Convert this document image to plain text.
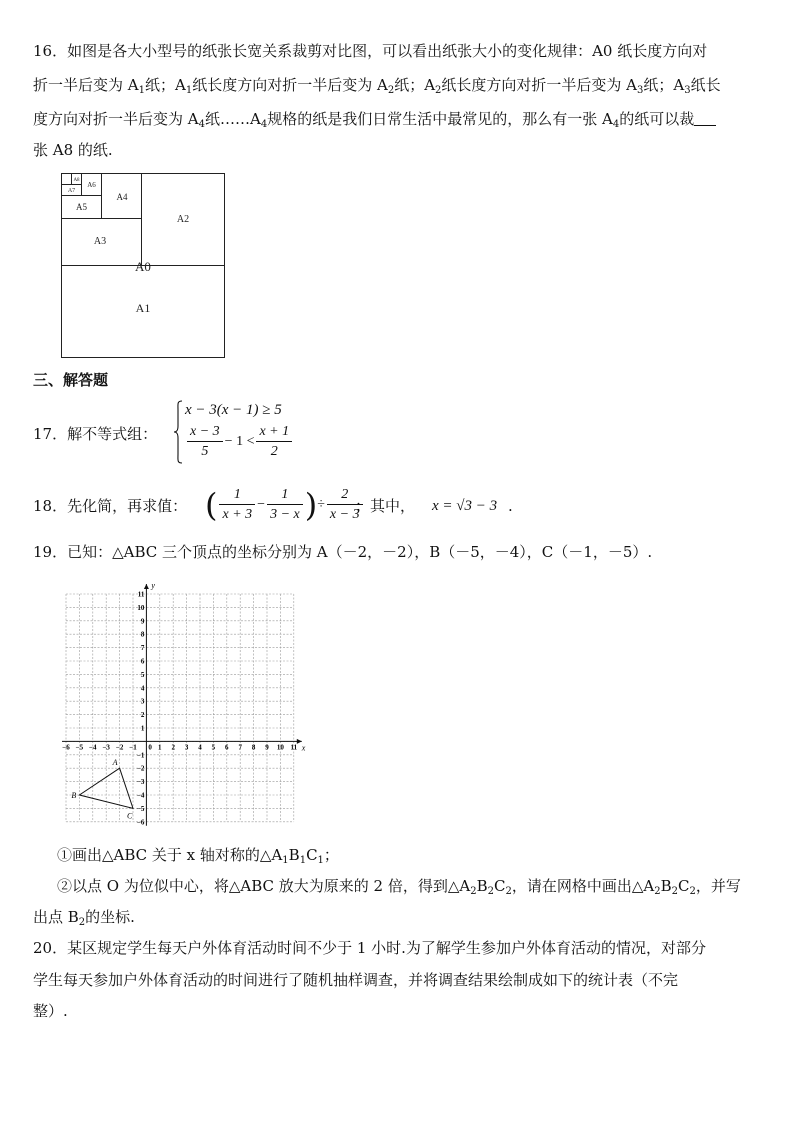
16．如图是各大小型号的纸张长宽关系裁剪对比图，可以看出纸张大小的变化规律：A0 纸长度方向对
折一半后变为 $A_1$纸；$A_1$纸长度方向对折一半后变为 $A_2$纸；$A_2$纸长度方向对折一半后变为 $A_3$纸；$A_3$纸长
度方向对折一半后变为 $A_4$纸$\dots\dots A_4$规格的纸是我们日常生活中最常见的，那么有一张 $A_4$的纸可以裁
张 A8 的纸.
A8
A7
A6
A5
A4
A3
A2
A0
A1
三、解答题
17．解不等式组：
x − 3(x − 1) ≥ 5
$\frac{x - 3}{5} - 1 < \frac{x + 1}{2}$
18．先化简，再求值： ( $\frac{1}{x + 3} - \frac{1}{3 - x}$ )÷ $\frac{2}{x - 3}$
；其中， x = √3 − 3 .
19．已知：△ABC 三个顶点的坐标分别为 A（－2，－2），B（－5，－4），C（－1，－5）.
x
y
0
−6 −5 −4 −3 −2 −1	1 2 3 4 5 6 7 8 9 10 11
−6
−5
−4
−3
−2
−1
1
2
3
4
5
6
7
8
9
10
11
A
B
C
①画出△ABC 关于 x 轴对称的$\triangle A_1B_1C_1$；
②以点 O 为位似中心，将△ABC 放大为原来的 2 倍，得到$\triangle A_2B_2C_2$，请在网格中画出$\triangle A_2B_2C_2$，并写
出点 $B_2$的坐标.
20．某区规定学生每天户外体育活动时间不少于 1 小时.为了解学生参加户外体育活动的情况，对部分
学生每天参加户外体育活动的时间进行了随机抽样调查，并将调查结果绘制成如下的统计表（不完
整）.
